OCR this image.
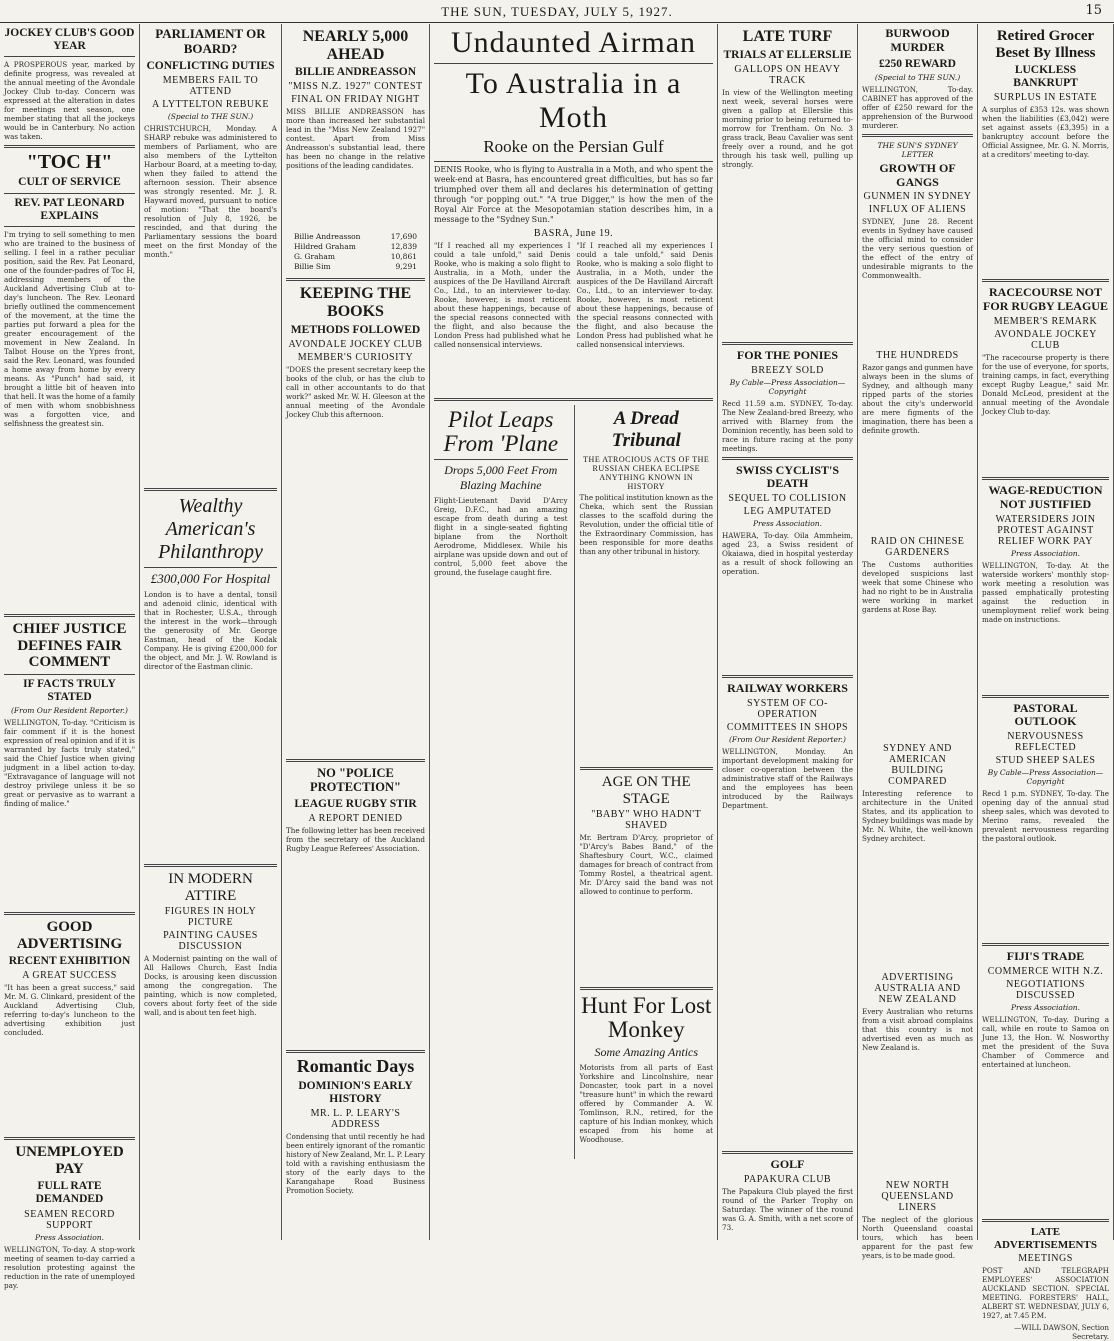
THE SUN, TUESDAY, JULY 5, 1927.	15
JOCKEY CLUB'S GOOD YEAR

A PROSPEROUS year, marked by definite progress, was revealed at the annual meeting of the Avondale Jockey Club to-day. Concern was expressed at the alteration in dates for meetings next season, one member stating that all the jockeys would be in Canterbury. No action was taken.

"TOC H"
CULT OF SERVICE
REV. PAT LEONARD EXPLAINS

I'm trying to sell something to men who are trained to the business of selling. I feel in a rather peculiar position, said the Rev. Pat Leonard, one of the founder-padres of Toc H, addressing members of the Auckland Advertising Club at to-day's luncheon. The Rev. Leonard briefly outlined the commencement of the movement, at the time the parties put forward a plea for the greater encouragement of the movement in New Zealand. In Talbot House on the Ypres front, said the Rev. Leonard, was founded a home away from home by every means. As "Punch" had said, it brought a little bit of heaven into that hell. It was the home of a family of men with whom snobbishness was a forgotten vice, and selfishness the greatest sin.

CHIEF JUSTICE DEFINES FAIR COMMENT
IF FACTS TRULY STATED
(From Our Resident Reporter.)

WELLINGTON, To-day. "Criticism is fair comment if it is the honest expression of real opinion and if it is warranted by facts truly stated," said the Chief Justice when giving judgment in a libel action to-day. "Extravagance of language will not destroy privilege unless it be so great or pervasive as to warrant a finding of malice."

GOOD ADVERTISING
RECENT EXHIBITION
A GREAT SUCCESS

"It has been a great success," said Mr. M. G. Clinkard, president of the Auckland Advertising Club, referring to-day's luncheon to the advertising exhibition just concluded.

UNEMPLOYED PAY
FULL RATE DEMANDED
SEAMEN RECORD SUPPORT
Press Association.

WELLINGTON, To-day. A stop-work meeting of seamen to-day carried a resolution protesting against the reduction in the rate of unemployed pay.

PARLIAMENT OR BOARD?
CONFLICTING DUTIES
MEMBERS FAIL TO ATTEND
A LYTTELTON REBUKE
(Special to THE SUN.)

CHRISTCHURCH, Monday. A SHARP rebuke was administered to members of Parliament, who are also members of the Lyttelton Harbour Board, at a meeting to-day, when they failed to attend the afternoon session. Their absence was strongly resented. Mr. J. R. Hayward moved, pursuant to notice of motion: "That the board's resolution of July 8, 1926, be rescinded, and that during the Parliamentary sessions the board meet on the first Monday of the month."

Wealthy American's Philanthropy
£300,000 For Hospital

London is to have a dental, tonsil and adenoid clinic, identical with that in Rochester, U.S.A., through the interest in the work—through the generosity of Mr. George Eastman, head of the Kodak Company. He is giving £200,000 for the object, and Mr. J. W. Rowland is director of the Eastman clinic.

IN MODERN ATTIRE
FIGURES IN HOLY PICTURE
PAINTING CAUSES DISCUSSION

A Modernist painting on the wall of All Hallows Church, East India Docks, is arousing keen discussion among the congregation. The painting, which is now completed, covers about forty feet of the side wall, and is about ten feet high.

NEARLY 5,000 AHEAD
BILLIE ANDREASSON
"MISS N.Z. 1927" CONTEST
FINAL ON FRIDAY NIGHT

MISS BILLIE ANDREASSON has more than increased her substantial lead in the "Miss New Zealand 1927" contest. Apart from Miss Andreasson's substantial lead, there has been no change in the relative positions of the leading candidates.

Billie Andreasson	17,690
Hildred Graham	12,839
G. Graham	10,861
Billie Sim	9,291
KEEPING THE BOOKS
METHODS FOLLOWED
AVONDALE JOCKEY CLUB
MEMBER'S CURIOSITY

"DOES the present secretary keep the books of the club, or has the club to call in other accountants to do that work?" asked Mr. W. H. Gleeson at the annual meeting of the Avondale Jockey Club this afternoon.

NO "POLICE PROTECTION"
LEAGUE RUGBY STIR
A REPORT DENIED

The following letter has been received from the secretary of the Auckland Rugby League Referees' Association.

Romantic Days
DOMINION'S EARLY HISTORY
MR. L. P. LEARY'S ADDRESS

Condensing that until recently he had been entirely ignorant of the romantic history of New Zealand, Mr. L. P. Leary told with a ravishing enthusiasm the story of the early days to the Karangahape Road Business Promotion Society.

Undaunted Airman
To Australia in a Moth
Rooke on the Persian Gulf

DENIS Rooke, who is flying to Australia in a Moth, and who spent the week-end at Basra, has encountered great difficulties, but has so far triumphed over them all and declares his determination of getting through "or popping out." "A true Digger," is how the men of the Royal Air Force at the Mesopotamian station describes him, in a message to the "Sydney Sun."

BASRA, June 19.

"If I reached all my experiences I could a tale unfold," said Denis Rooke, who is making a solo flight to Australia, in a Moth, under the auspices of the De Havilland Aircraft Co., Ltd., to an interviewer to-day. Rooke, however, is most reticent about these happenings, because of the special reasons connected with the flight, and also because the London Press had published what he called nonsensical interviews.

"If I reached all my experiences I could a tale unfold," said Denis Rooke, who is making a solo flight to Australia, in a Moth, under the auspices of the De Havilland Aircraft Co., Ltd., to an interviewer to-day. Rooke, however, is most reticent about these happenings, because of the special reasons connected with the flight, and also because the London Press had published what he called nonsensical interviews.

Pilot Leaps From 'Plane
Drops 5,000 Feet From Blazing Machine

Flight-Lieutenant David D'Arcy Greig, D.F.C., had an amazing escape from death during a test flight in a single-seated fighting biplane from the Northolt Aerodrome, Middlesex. While his airplane was upside down and out of control, 5,000 feet above the ground, the fuselage caught fire.

A Dread Tribunal
THE ATROCIOUS ACTS OF THE RUSSIAN CHEKA ECLIPSE ANYTHING KNOWN IN HISTORY

The political institution known as the Cheka, which sent the Russian classes to the scaffold during the Revolution, under the official title of the Extraordinary Commission, has been responsible for more deaths than any other tribunal in history.

AGE ON THE STAGE
"BABY" WHO HADN'T SHAVED

Mr. Bertram D'Arcy, proprietor of "D'Arcy's Babes Band," of the Shaftesbury Court, W.C., claimed damages for breach of contract from Tommy Rostel, a theatrical agent. Mr. D'Arcy said the band was not allowed to continue to perform.

Hunt For Lost Monkey
Some Amazing Antics

Motorists from all parts of East Yorkshire and Lincolnshire, near Doncaster, took part in a novel "treasure hunt" in which the reward offered by Commander A. W. Tomlinson, R.N., retired, for the capture of his Indian monkey, which escaped from his home at Woodhouse.

LATE TURF
TRIALS AT ELLERSLIE
GALLOPS ON HEAVY TRACK

In view of the Wellington meeting next week, several horses were given a gallop at Ellerslie this morning prior to being returned to-morrow for Trentham. On No. 3 grass track, Beau Cavalier was sent freely over a round, and he got through his task well, pulling up strongly.

FOR THE PONIES
BREEZY SOLD
By Cable—Press Association—Copyright

Recd 11.59 a.m. SYDNEY, To-day. The New Zealand-bred Breezy, who arrived with Blarney from the Dominion recently, has been sold to race in future racing at the pony meetings.

SWISS CYCLIST'S DEATH
SEQUEL TO COLLISION
LEG AMPUTATED
Press Association.

HAWERA, To-day. Oila Ammheim, aged 23, a Swiss resident of Okaiawa, died in hospital yesterday as a result of shock following an operation.

RAILWAY WORKERS
SYSTEM OF CO-OPERATION
COMMITTEES IN SHOPS
(From Our Resident Reporter.)

WELLINGTON, Monday. An important development making for closer co-operation between the administrative staff of the Railways and the employees has been introduced by the Railways Department.

GOLF
PAPAKURA CLUB

The Papakura Club played the first round of the Parker Trophy on Saturday. The winner of the round was G. A. Smith, with a net score of 73.

BURWOOD MURDER
£250 REWARD
(Special to THE SUN.)

WELLINGTON, To-day. CABINET has approved of the offer of £250 reward for the apprehension of the Burwood murderer.

THE SUN'S SYDNEY LETTER
GROWTH OF GANGS
GUNMEN IN SYDNEY
INFLUX OF ALIENS

SYDNEY, June 28. Recent events in Sydney have caused the official mind to consider the very serious question of the effect of the entry of undesirable migrants to the Commonwealth.

THE HUNDREDS

Razor gangs and gunmen have always been in the slums of Sydney, and although many ripped parts of the stories about the city's underworld are mere figments of the imagination, there has been a definite growth.

RAID ON CHINESE GARDENERS

The Customs authorities developed suspicions last week that some Chinese who had no right to be in Australia were working in market gardens at Rose Bay.

SYDNEY AND AMERICAN BUILDING COMPARED

Interesting reference to architecture in the United States, and its application to Sydney buildings was made by Mr. N. White, the well-known Sydney architect.

ADVERTISING AUSTRALIA AND NEW ZEALAND

Every Australian who returns from a visit abroad complains that this country is not advertised even as much as New Zealand is.

NEW NORTH QUEENSLAND LINERS

The neglect of the glorious North Queensland coastal tours, which has been apparent for the past few years, is to be made good.

Retired Grocer Beset By Illness
LUCKLESS BANKRUPT
SURPLUS IN ESTATE

A surplus of £353 12s. was shown when the liabilities (£3,042) were set against assets (£3,395) in a bankruptcy account before the Official Assignee, Mr. G. N. Morris, at a creditors' meeting to-day.

RACECOURSE NOT FOR RUGBY LEAGUE
MEMBER'S REMARK
AVONDALE JOCKEY CLUB

"The racecourse property is there for the use of everyone, for sports, training camps, in fact, everything except Rugby League," said Mr. Donald McLeod, president at the annual meeting of the Avondale Jockey Club to-day.

WAGE-REDUCTION NOT JUSTIFIED
WATERSIDERS JOIN PROTEST AGAINST RELIEF WORK PAY
Press Association.

WELLINGTON, To-day. At the waterside workers' monthly stop-work meeting a resolution was passed emphatically protesting against the reduction in unemployment relief work being made on instructions.

PASTORAL OUTLOOK
NERVOUSNESS REFLECTED
STUD SHEEP SALES
By Cable—Press Association—Copyright

Recd 1 p.m. SYDNEY, To-day. The opening day of the annual stud sheep sales, which was devoted to Merino rams, revealed the prevalent nervousness regarding the pastoral outlook.

FIJI'S TRADE
COMMERCE WITH N.Z.
NEGOTIATIONS DISCUSSED
Press Association.

WELLINGTON, To-day. During a call, while en route to Samoa on June 13, the Hon. W. Nosworthy met the president of the Suva Chamber of Commerce and entertained at luncheon.

LATE ADVERTISEMENTS
MEETINGS

POST AND TELEGRAPH EMPLOYEES' ASSOCIATION AUCKLAND SECTION. SPECIAL MEETING. FORESTERS' HALL, ALBERT ST. WEDNESDAY, JULY 6, 1927, at 7.45 P.M.

—WILL DAWSON, Section Secretary.
